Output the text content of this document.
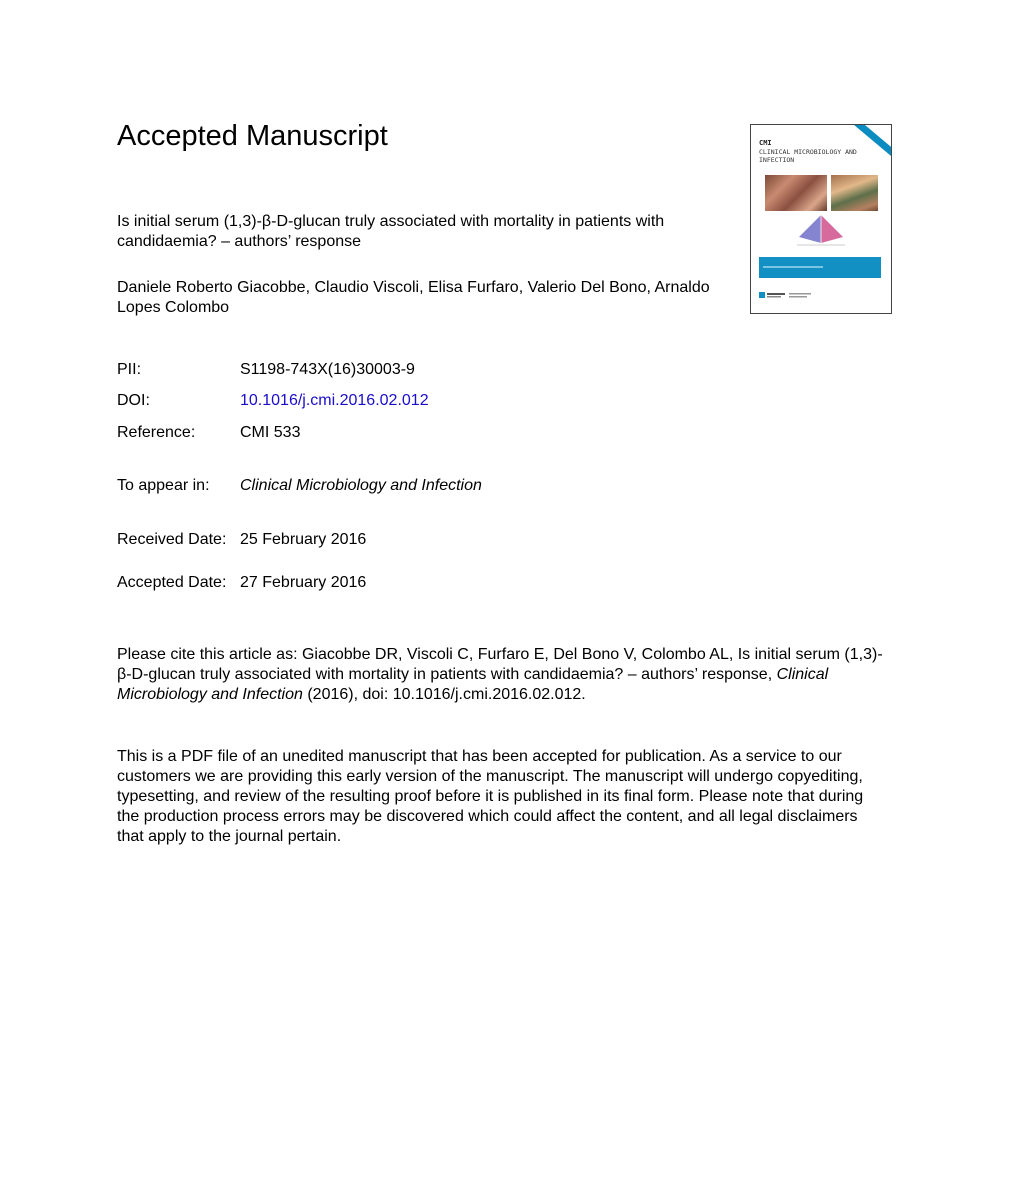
Accepted Manuscript
Is initial serum (1,3)-β-D-glucan truly associated with mortality in patients with candidaemia? – authors’ response
Daniele Roberto Giacobbe, Claudio Viscoli, Elisa Furfaro, Valerio Del Bono, Arnaldo Lopes Colombo
PII:	S1198-743X(16)30003-9
DOI:	10.1016/j.cmi.2016.02.012
Reference:	CMI 533
To appear in: Clinical Microbiology and Infection
Received Date: 25 February 2016
Accepted Date: 27 February 2016
Please cite this article as: Giacobbe DR, Viscoli C, Furfaro E, Del Bono V, Colombo AL, Is initial serum (1,3)-β-D-glucan truly associated with mortality in patients with candidaemia? – authors’ response, Clinical Microbiology and Infection (2016), doi: 10.1016/j.cmi.2016.02.012.
This is a PDF file of an unedited manuscript that has been accepted for publication. As a service to our customers we are providing this early version of the manuscript. The manuscript will undergo copyediting, typesetting, and review of the resulting proof before it is published in its final form. Please note that during the production process errors may be discovered which could affect the content, and all legal disclaimers that apply to the journal pertain.
CMI
CLINICAL MICROBIOLOGY AND INFECTION
